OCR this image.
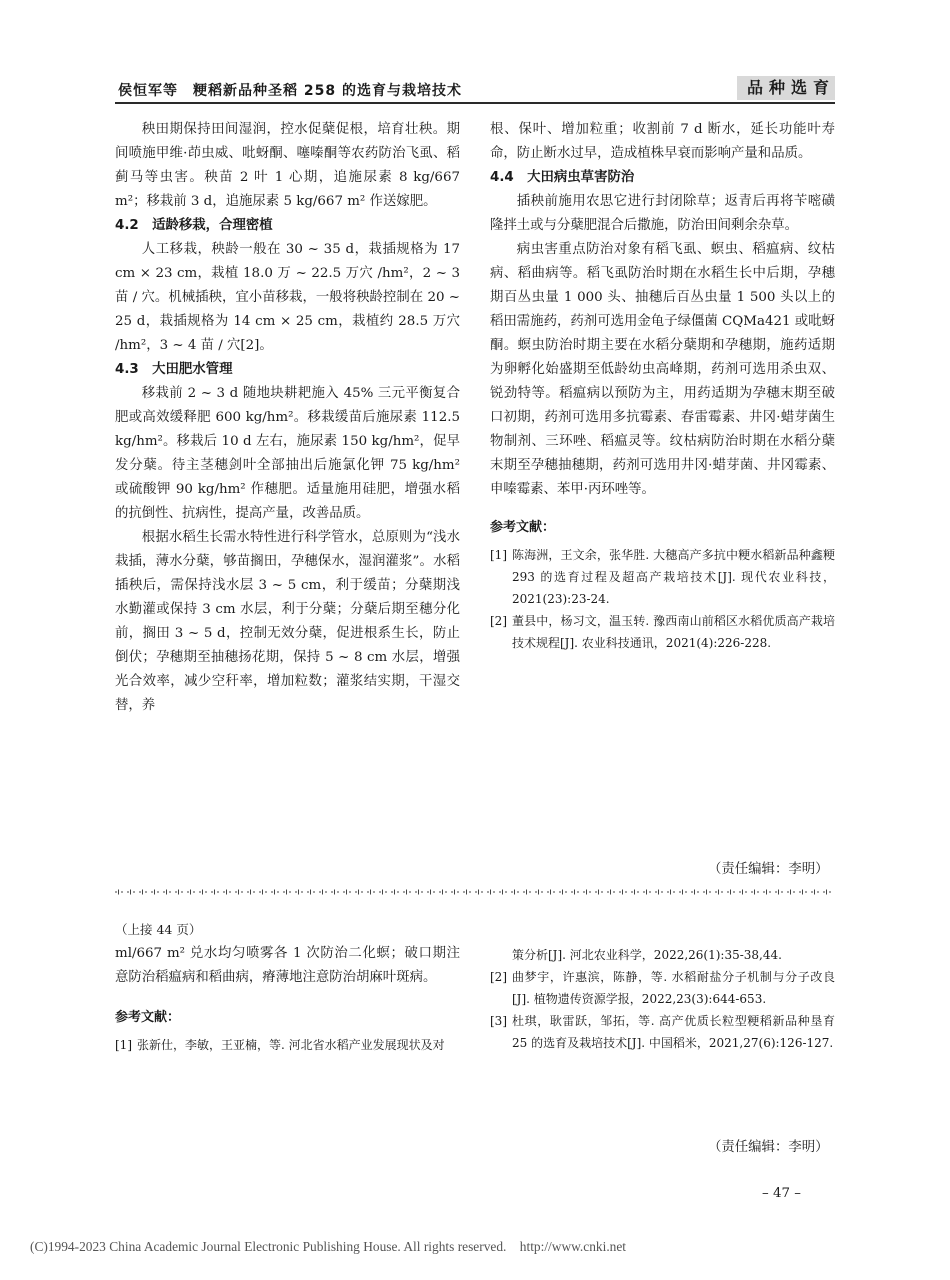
侯恒军等　粳稻新品种圣稻 258 的选育与栽培技术	品种选育

秧田期保持田间湿润，控水促蘖促根，培育壮秧。期间喷施甲维·茚虫威、吡蚜酮、噻嗪酮等农药防治飞虱、稻蓟马等虫害。秧苗 2 叶 1 心期，追施尿素 8 kg/667 m²；移栽前 3 d，追施尿素 5 kg/667 m² 作送嫁肥。

4.2　适龄移栽，合理密植

人工移栽，秧龄一般在 30 ~ 35 d，栽插规格为 17 cm × 23 cm，栽植 18.0 万 ~ 22.5 万穴 /hm²，2 ~ 3 苗 / 穴。机械插秧，宜小苗移栽，一般将秧龄控制在 20 ~ 25 d，栽插规格为 14 cm × 25 cm，栽植约 28.5 万穴 /hm²，3 ~ 4 苗 / 穴[2]。

4.3　大田肥水管理

移栽前 2 ~ 3 d 随地块耕耙施入 45% 三元平衡复合肥或高效缓释肥 600 kg/hm²。移栽缓苗后施尿素 112.5 kg/hm²。移栽后 10 d 左右，施尿素 150 kg/hm²，促早发分蘖。待主茎穗剑叶全部抽出后施氯化钾 75 kg/hm² 或硫酸钾 90 kg/hm² 作穗肥。适量施用硅肥，增强水稻的抗倒性、抗病性，提高产量，改善品质。

根据水稻生长需水特性进行科学管水，总原则为“浅水栽插，薄水分蘖，够苗搁田，孕穗保水，湿润灌浆”。水稻插秧后，需保持浅水层 3 ~ 5 cm，利于缓苗；分蘖期浅水勤灌或保持 3 cm 水层，利于分蘖；分蘖后期至穗分化前，搁田 3 ~ 5 d，控制无效分蘖，促进根系生长，防止倒伏；孕穗期至抽穗扬花期，保持 5 ~ 8 cm 水层，增强光合效率，减少空秆率，增加粒数；灌浆结实期，干湿交替，养

根、保叶、增加粒重；收割前 7 d 断水，延长功能叶寿命，防止断水过早，造成植株早衰而影响产量和品质。

4.4　大田病虫草害防治

插秧前施用农思它进行封闭除草；返青后再将苄嘧磺隆拌土或与分蘖肥混合后撒施，防治田间剩余杂草。

病虫害重点防治对象有稻飞虱、螟虫、稻瘟病、纹枯病、稻曲病等。稻飞虱防治时期在水稻生长中后期，孕穗期百丛虫量 1 000 头、抽穗后百丛虫量 1 500 头以上的稻田需施药，药剂可选用金龟子绿僵菌 CQMa421 或吡蚜酮。螟虫防治时期主要在水稻分蘖期和孕穗期，施药适期为卵孵化始盛期至低龄幼虫高峰期，药剂可选用杀虫双、锐劲特等。稻瘟病以预防为主，用药适期为孕穗末期至破口初期，药剂可选用多抗霉素、春雷霉素、井冈·蜡芽菌生物制剂、三环唑、稻瘟灵等。纹枯病防治时期在水稻分蘖末期至孕穗抽穗期，药剂可选用井冈·蜡芽菌、井冈霉素、申嗪霉素、苯甲·丙环唑等。

参考文献：
[1] 陈海洲，王文余，张华胜. 大穗高产多抗中粳水稻新品种鑫粳 293 的选育过程及超高产栽培技术[J]. 现代农业科技，2021(23):23-24.
[2] 董县中，杨习文，温玉转. 豫西南山前稻区水稻优质高产栽培技术规程[J]. 农业科技通讯，2021(4):226-228.
（责任编辑：李明）

（上接 44 页）

ml/667 m² 兑水均匀喷雾各 1 次防治二化螟；破口期注意防治稻瘟病和稻曲病，瘠薄地注意防治胡麻叶斑病。

参考文献：
[1] 张新仕，李敏，王亚楠，等. 河北省水稻产业发展现状及对
策分析[J]. 河北农业科学，2022,26(1):35-38,44.
[2] 曲梦宇，许惠滨，陈静，等. 水稻耐盐分子机制与分子改良[J]. 植物遗传资源学报，2022,23(3):644-653.
[3] 杜琪，耿雷跃，邹拓，等. 高产优质长粒型粳稻新品种垦育 25 的选育及栽培技术[J]. 中国稻米，2021,27(6):126-127.
（责任编辑：李明）
– 47 –
(C)1994-2023 China Academic Journal Electronic Publishing House. All rights reserved.　http://www.cnki.net
